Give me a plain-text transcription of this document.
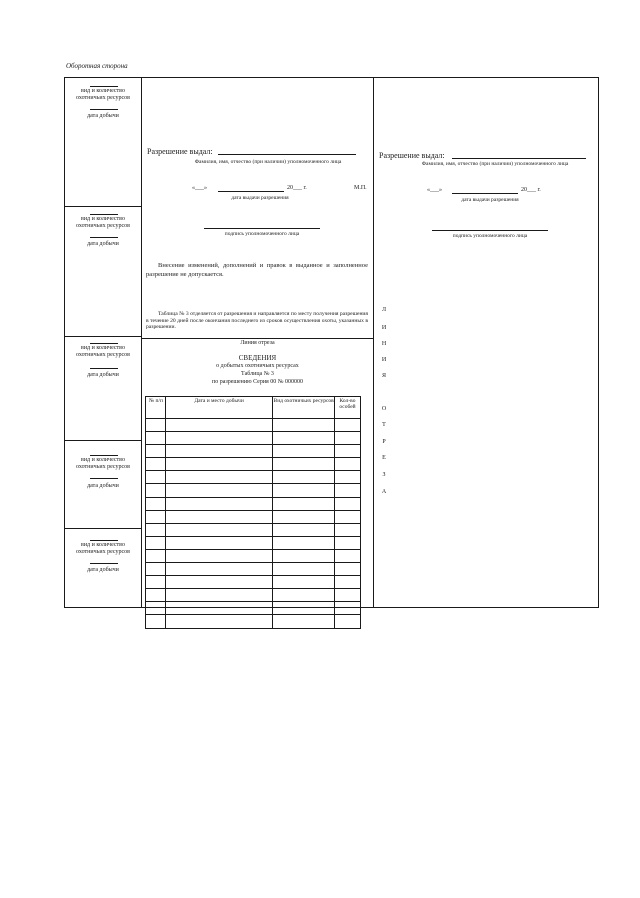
Оборотная сторона
вид и количество охотничьих ресурсов
дата добычи
вид и количество охотничьих ресурсов
дата добычи
вид и количество охотничьих ресурсов
дата добычи
вид и количество охотничьих ресурсов
дата добычи
вид и количество охотничьих ресурсов
дата добычи
Разрешение выдал:
Фамилия, имя, отчество (при наличии) уполномоченного лица
«___»	20___ г.	М.П.
дата выдачи разрешения
подпись уполномоченного лица
Внесение изменений, дополнений и правок в выданное и заполненное разрешение не допускается.
Таблица № 3 отделяется от разрешения и направляется по месту получения разрешения в течение 20 дней после окончания последнего из сроков осуществления охоты, указанных в разрешении.
Линия отреза
СВЕДЕНИЯ
о добытых охотничьих ресурсах
Таблица № 3
по разрешению Серия 00 № 000000
№ п/п	Дата и место добычи	Вид охотничьих ресурсов	Кол-во особей

Разрешение выдал:
Фамилия, имя, отчество (при наличии) уполномоченного лица
«___»	20___ г.
дата выдачи разрешения
подпись уполномоченного лица
Л
И
Н
И
Я
О
Т
Р
Е
З
А
